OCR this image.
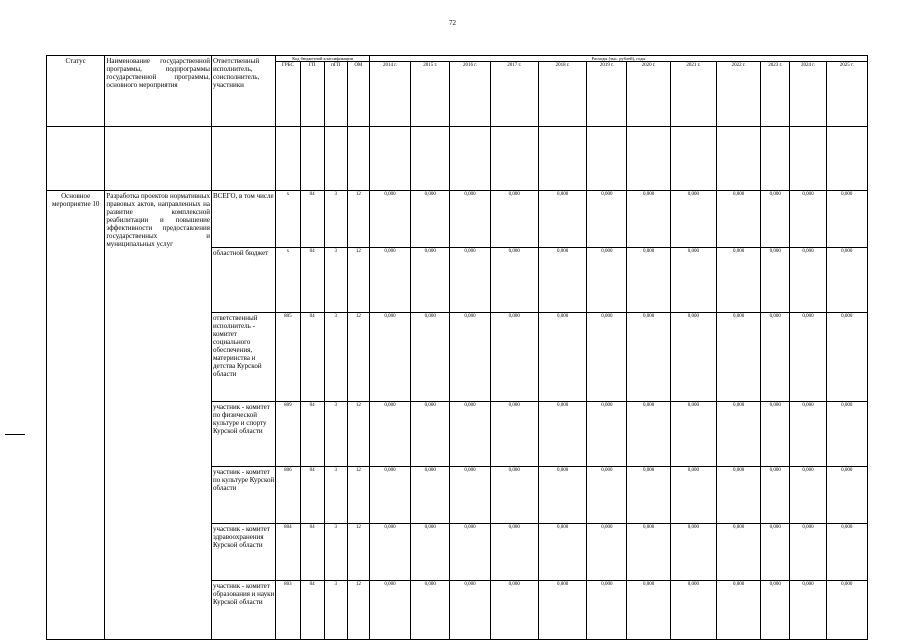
72
Статус	Наименование государственной программы, подпрограммы государственной программы, основного мероприятия	Ответственный исполнитель, соисполнитель, участники	Код бюджетной классификации				Расходы (тыс. рублей), годы											
			ГРБС	ГП	пГП	ОМ	2014 г.	2015 г.	2016 г.	2017 г.	2018 г.	2019 г.	2020 г.	2021 г.	2022 г.	2023 г.	2024 г.	2025 г.

Основное мероприятие 10	Разработка проектов нормативных правовых актов, направленных на развитие комплексной реабилитации и повышение эффективности предоставления государственных и муниципальных услуг	ВСЕГО, в том числе	х	04	3	12	0,000	0,000	0,000	0,000	0,000	0,000	0,000	0,000	0,000	0,000	0,000	0,000
		областной бюджет	х	04	3	12	0,000	0,000	0,000	0,000	0,000	0,000	0,000	0,000	0,000	0,000	0,000	0,000
		ответственный исполнитель - комитет социального обеспечения, материнства и детства Курской области	805	04	3	12	0,000	0,000	0,000	0,000	0,000	0,000	0,000	0,000	0,000	0,000	0,000	0,000
		участник - комитет по физической культуре и спорту Курской области	809	04	3	12	0,000	0,000	0,000	0,000	0,000	0,000	0,000	0,000	0,000	0,000	0,000	0,000
		участник - комитет по культуре Курской области	806	04	3	12	0,000	0,000	0,000	0,000	0,000	0,000	0,000	0,000	0,000	0,000	0,000	0,000
		участник - комитет здравоохранения Курской области	804	04	3	12	0,000	0,000	0,000	0,000	0,000	0,000	0,000	0,000	0,000	0,000	0,000	0,000
		участник - комитет образования и науки Курской области	803	04	3	12	0,000	0,000	0,000	0,000	0,000	0,000	0,000	0,000	0,000	0,000	0,000	0,000
